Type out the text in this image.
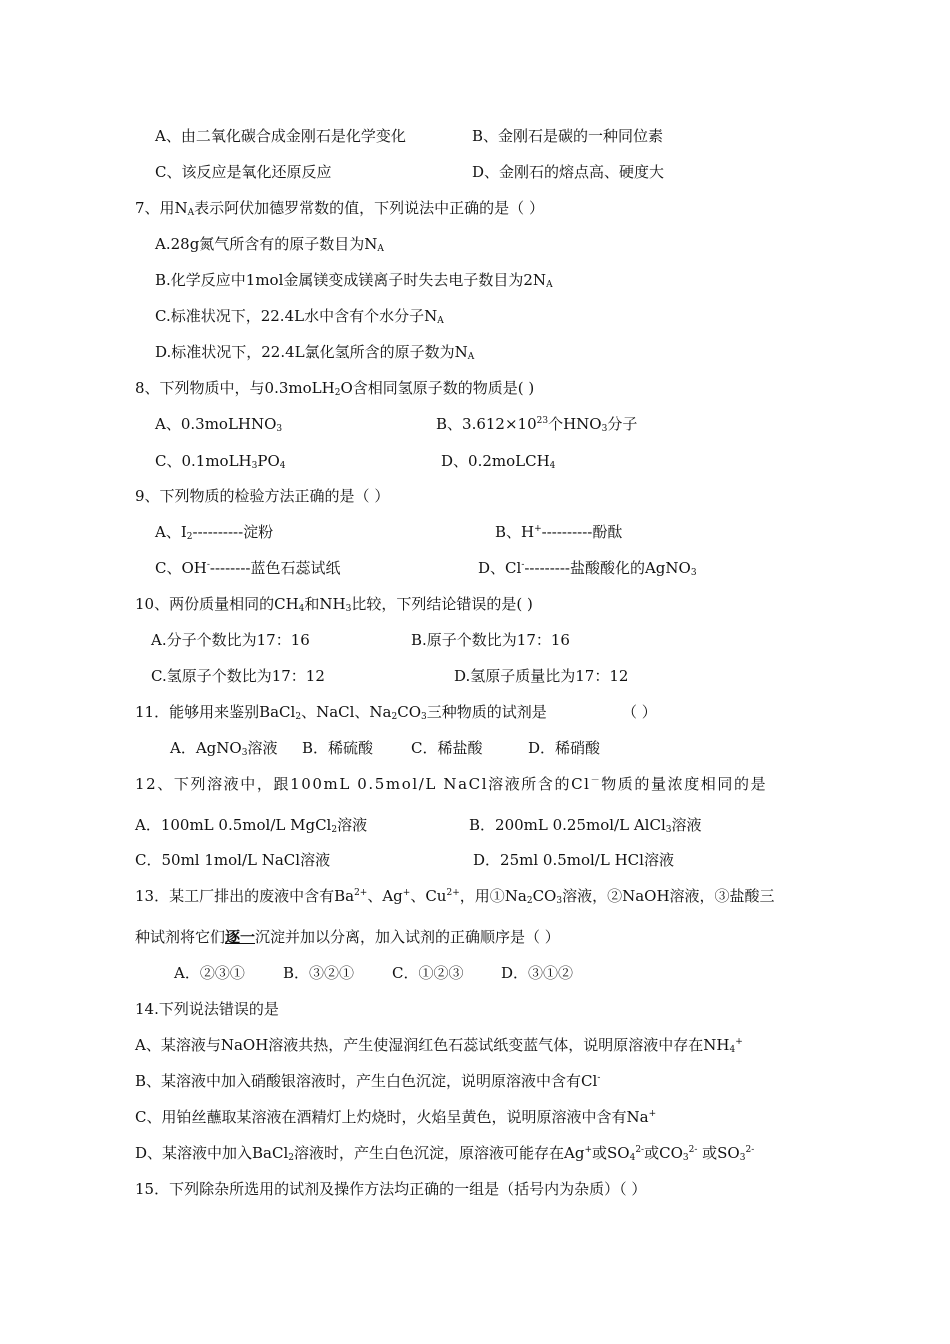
A、由二氧化碳合成金刚石是化学变化	B、金刚石是碳的一种同位素
C、该反应是氧化还原反应	D、金刚石的熔点高、硬度大
7、用$N_A$表示阿伏加德罗常数的值，下列说法中正确的是（ ）
A.28g氮气所含有的原子数目为$N_A$
B.化学反应中1mol金属镁变成镁离子时失去电子数目为$2N_A$
C.标准状况下，22.4L水中含有个水分子$N_A$
D.标准状况下，22.4L氯化氢所含的原子数为$N_A$
8、下列物质中，与0.3moLH$_2$O含相同氢原子数的物质是( )
A、0.3moLHNO$_3$	B、$3.612\times 10^{23}$个$HNO_3$分子
C、$0.1moLH_3PO_4$	D、0.2moLCH$_4$
9、下列物质的检验方法正确的是（ ）
A、$I_2----------$淀粉	B、H+----------酚酞
C、OH---------蓝色石蕊试纸	D、Cl----------盐酸酸化的AgNO$_3$
10、两份质量相同的$CH_4$和$NH_3$比较，下列结论错误的是( )
A.分子个数比为17：16	B.原子个数比为17：16
C.氢原子个数比为17：12	D.氢原子质量比为17：12
11．能够用来鉴别BaCl$_2$、NaCl、$Na_2CO_3$三种物质的试剂是	（ ）
A．AgNO$_3$溶液 B．稀硫酸	C．稀盐酸	D．稀硝酸
12、下列溶液中，跟100mL 0.5mol/L NaCl溶液所含的Cl－物质的量浓度相同的是
A．100mL 0.5mol/L MgCl$_2$溶液	B．200mL 0.25mol/L AlCl$_3$溶液
C．50ml 1mol/L NaCl溶液	D．25ml 0.5mol/L HCl溶液
13．某工厂排出的废液中含有$Ba^{2+}$、Ag+、$Cu^{2+}$，用$①Na_2CO_3$溶液，②NaOH溶液，③盐酸三
种试剂将它们逐一沉淀并加以分离，加入试剂的正确顺序是（ ）
A．②③①	B．③②①	C．①②③	D．③①②
14.下列说法错误的是
A、某溶液与NaOH溶液共热，产生使湿润红色石蕊试纸变蓝气体，说明原溶液中存在$NH_4^+$
B、某溶液中加入硝酸银溶液时，产生白色沉淀，说明原溶液中含有Cl-
C、用铂丝蘸取某溶液在酒精灯上灼烧时，火焰呈黄色，说明原溶液中含有Na+
D、某溶液中加入BaCl$_2$溶液时，产生白色沉淀，原溶液可能存在Ag+或$SO_4^{2-}$或$CO_3^{2-}$ 或$SO_3^{2-}$
15．下列除杂所选用的试剂及操作方法均正确的一组是（括号内为杂质）（ ）
